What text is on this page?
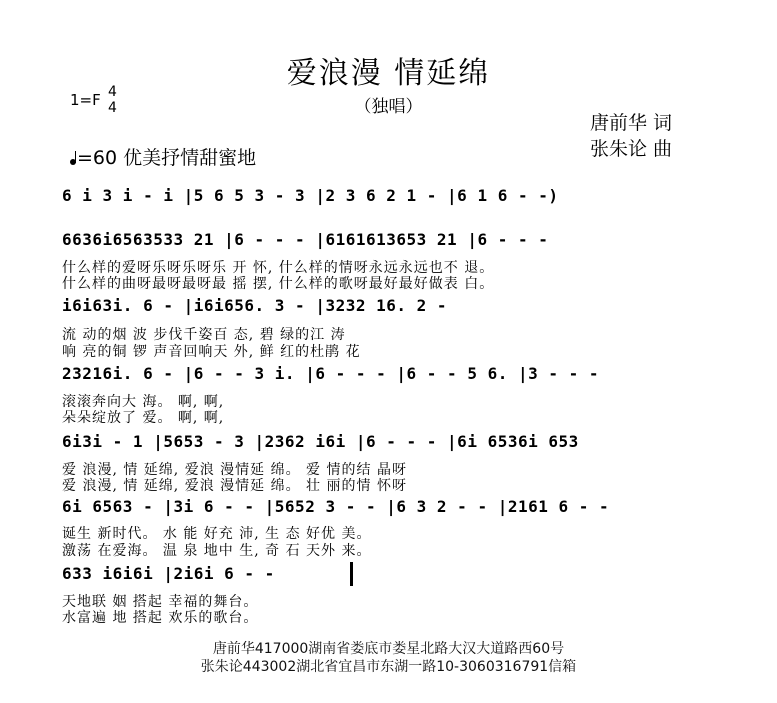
爱浪漫 情延绵
（独唱）
1=F 4
4
唐前华 词
张朱论 曲
=60 优美抒情甜蜜地
6 i 3 i - i |5 6 5 3 - 3 |2 3 6 2 1 - |6 1 6 - -)
6636i6563533 21 |6 - - - |6161613653 21 |6 - - -
什么样的爱呀乐呀乐呀乐 开 怀, 什么样的情呀永远永远也不 退。
什么样的曲呀最呀最呀最 摇 摆, 什么样的歌呀最好最好做表 白。
i6i63i. 6 - |i6i656. 3 - |3232 16. 2 -
流 动的烟 波 步伐千姿百 态, 碧 绿的江 涛
响 亮的铜 锣 声音回响天 外, 鲜 红的杜鹃 花
23216i. 6 - |6 - - 3 i. |6 - - - |6 - - 5 6. |3 - - -
滚滚奔向大 海。 啊, 啊,
朵朵绽放了 爱。 啊, 啊,
6i3i - 1 |5653 - 3 |2362 i6i |6 - - - |6i 6536i 653
爱 浪漫, 情 延绵, 爱浪 漫情延 绵。 爱 情的结 晶呀
爱 浪漫, 情 延绵, 爱浪 漫情延 绵。 壮 丽的情 怀呀
6i 6563 - |3i 6 - - |5652 3 - - |6 3 2 - - |2161 6 - -
诞生 新时代。 水 能 好充 沛, 生 态 好优 美。
激荡 在爱海。 温 泉 地中 生, 奇 石 天外 来。
633 i6i6i |2i6i 6 - -
天地联 姻 搭起 幸福的舞台。
水富遍 地 搭起 欢乐的歌台。
唐前华417000湖南省娄底市娄星北路大汉大道路西60号
张朱论443002湖北省宜昌市东湖一路10-3060316791信箱
